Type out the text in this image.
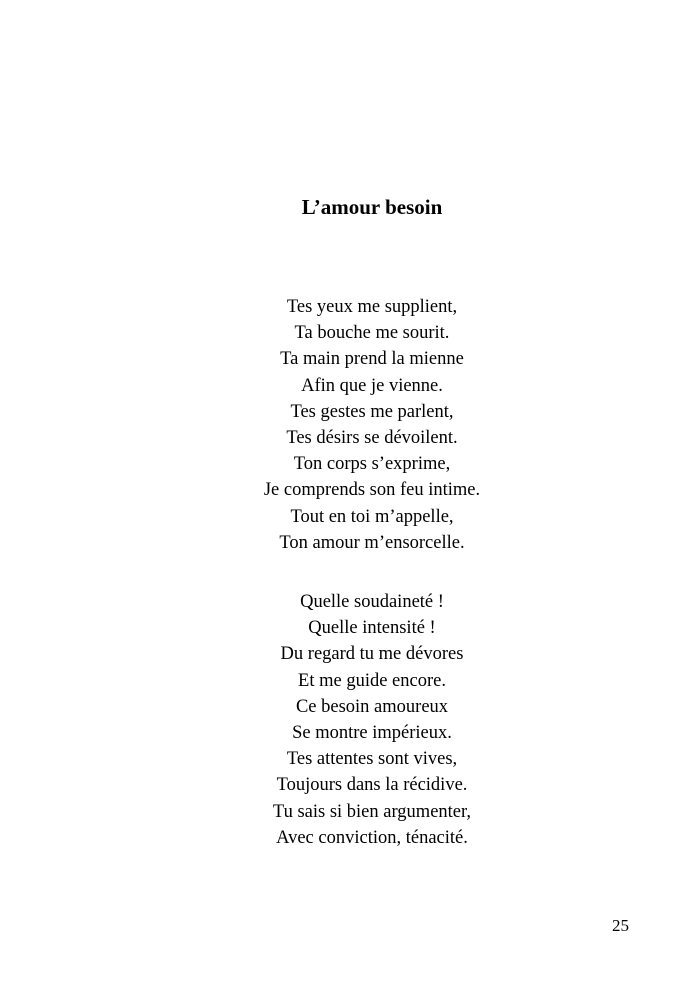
L’amour besoin
Tes yeux me supplient,
Ta bouche me sourit.
Ta main prend la mienne
Afin que je vienne.
Tes gestes me parlent,
Tes désirs se dévoilent.
Ton corps s’exprime,
Je comprends son feu intime.
Tout en toi m’appelle,
Ton amour m’ensorcelle.
Quelle soudaineté !
Quelle intensité !
Du regard tu me dévores
Et me guide encore.
Ce besoin amoureux
Se montre impérieux.
Tes attentes sont vives,
Toujours dans la récidive.
Tu sais si bien argumenter,
Avec conviction, ténacité.
25
